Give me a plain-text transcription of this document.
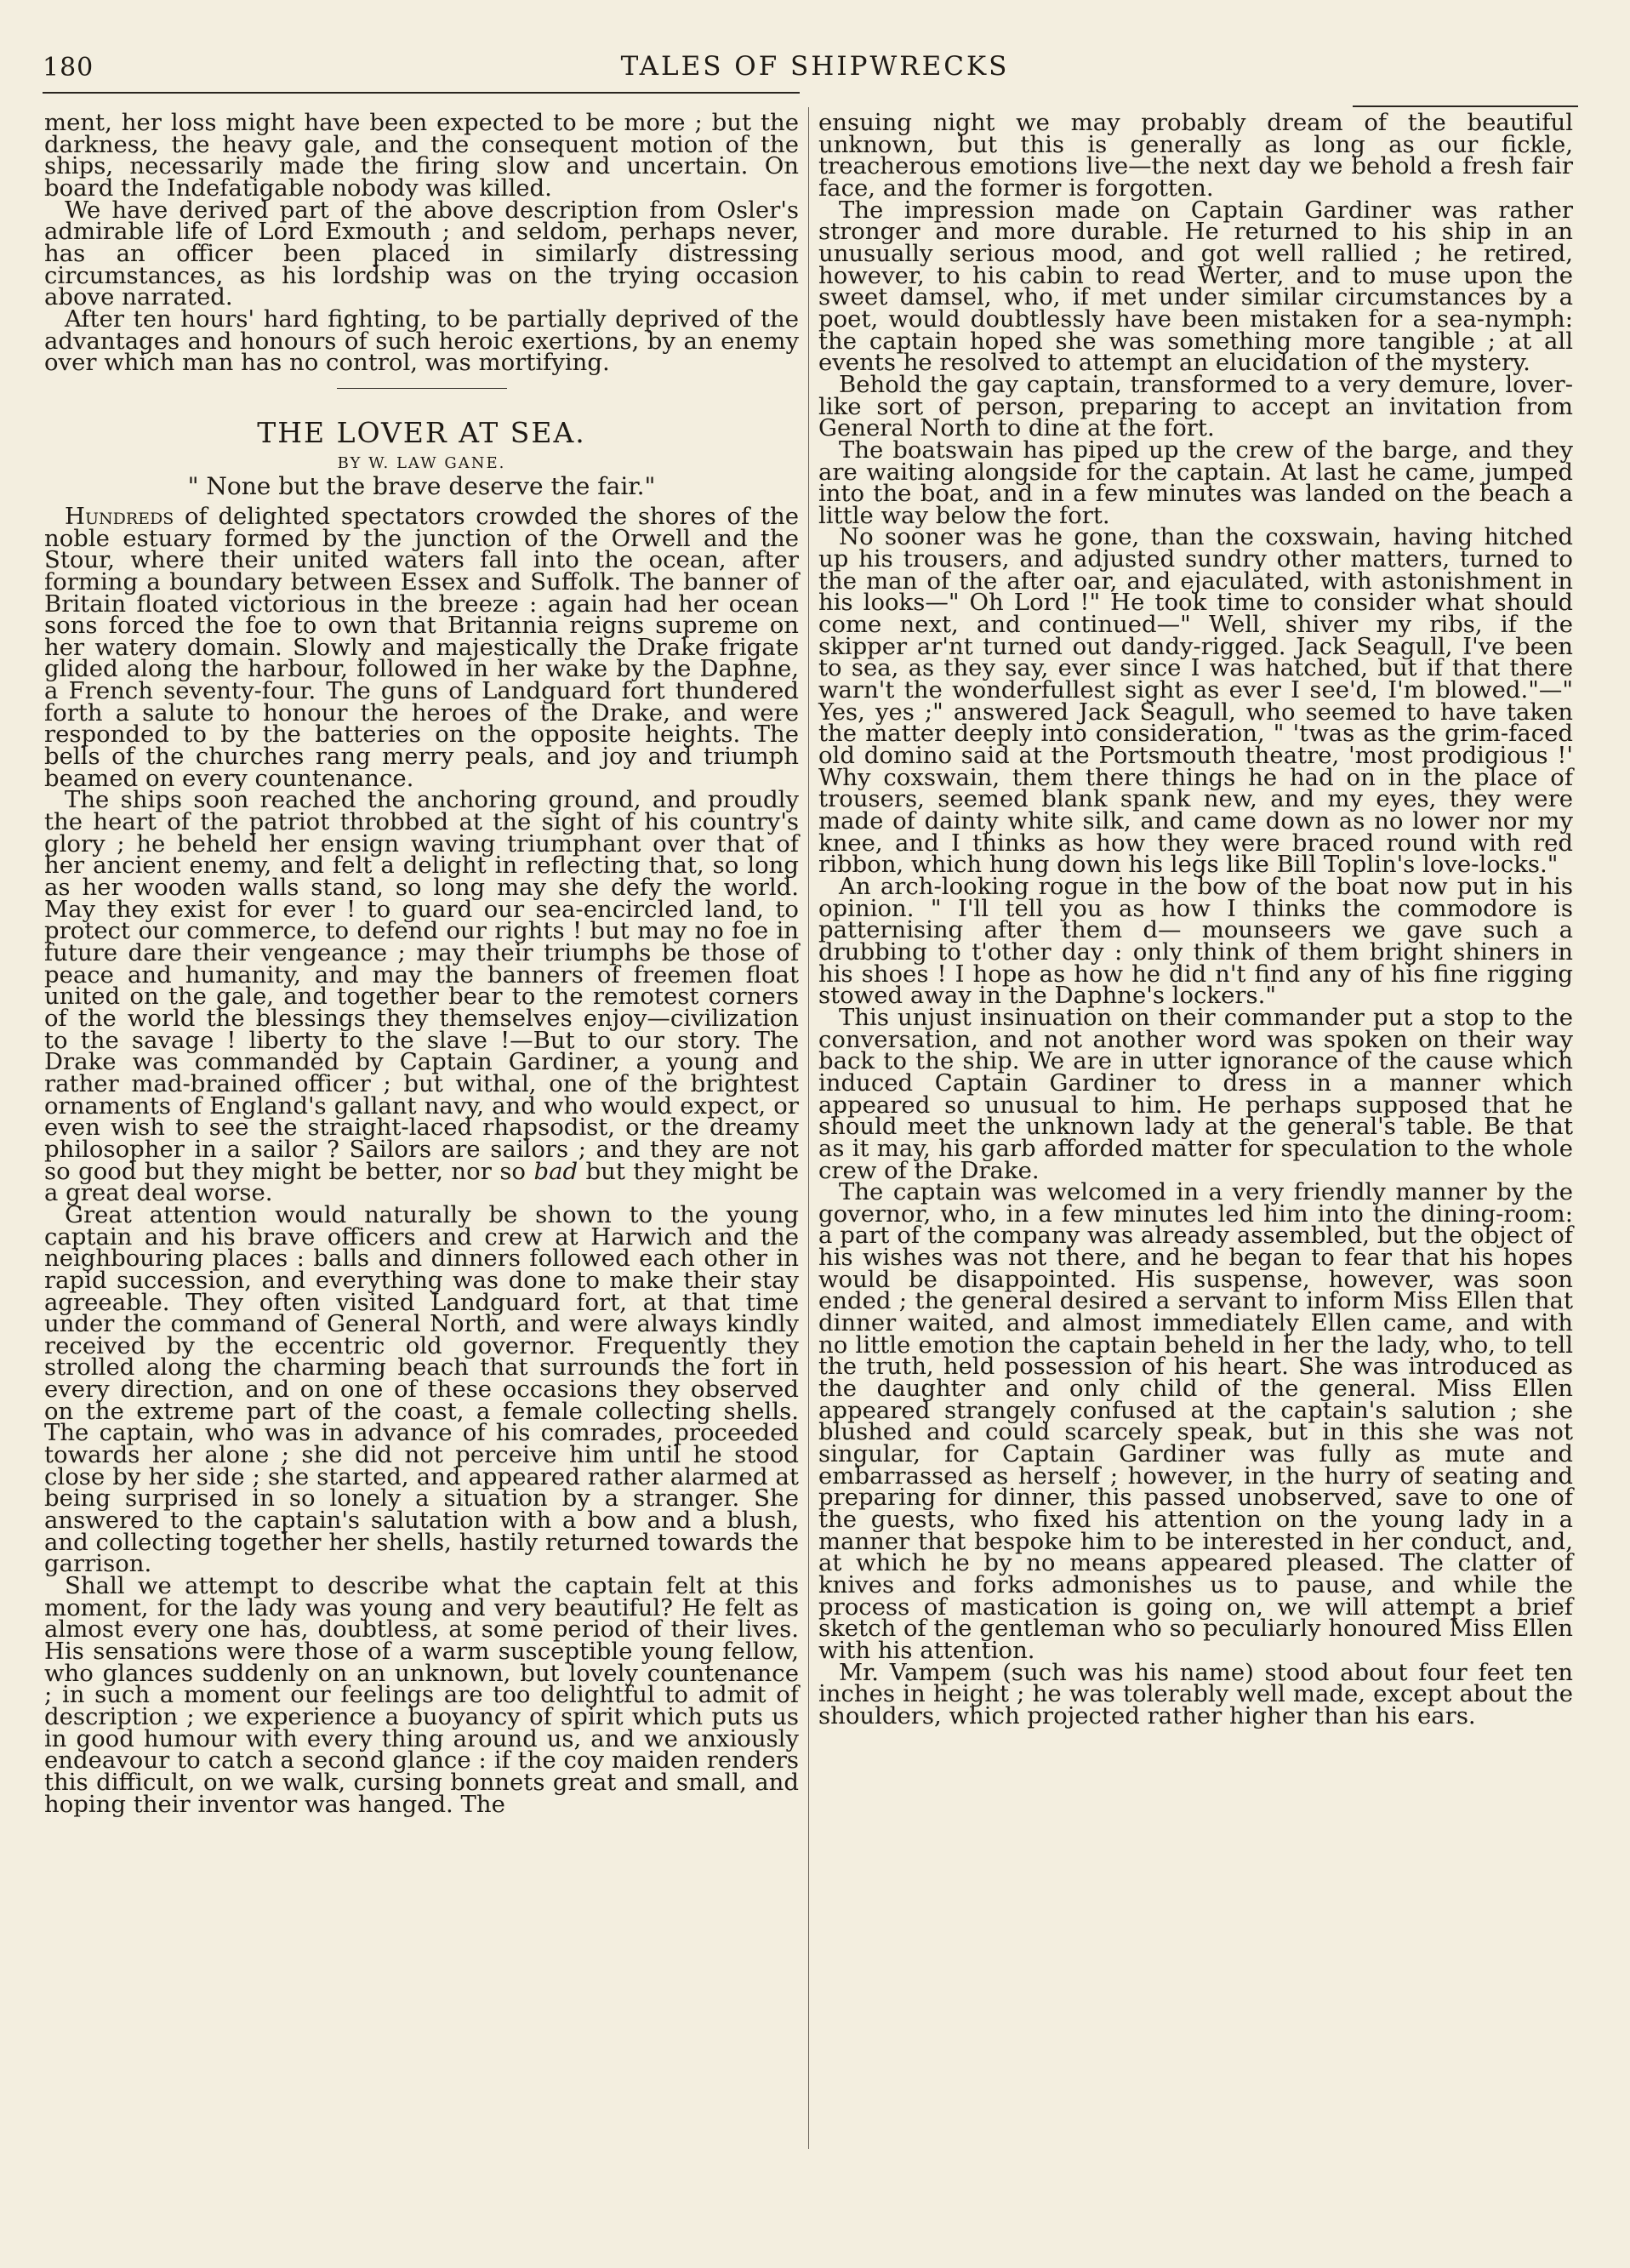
180	TALES OF SHIPWRECKS

ment, her loss might have been expected to be more ; but the darkness, the heavy gale, and the consequent motion of the ships, necessarily made the firing slow and uncertain. On board the Indefatigable nobody was killed.

We have derived part of the above description from Osler's admirable life of Lord Exmouth ; and seldom, perhaps never, has an officer been placed in similarly distressing circumstances, as his lordship was on the trying occasion above narrated.

After ten hours' hard fighting, to be partially deprived of the advantages and honours of such heroic exertions, by an enemy over which man has no control, was mortifying.

THE LOVER AT SEA.
BY W. LAW GANE.
" None but the brave deserve the fair."

Hundreds of delighted spectators crowded the shores of the noble estuary formed by the junction of the Orwell and the Stour, where their united waters fall into the ocean, after forming a boundary between Essex and Suffolk. The banner of Britain floated victorious in the breeze : again had her ocean sons forced the foe to own that Britannia reigns supreme on her watery domain. Slowly and majestically the Drake frigate glided along the harbour, followed in her wake by the Daphne, a French seventy-four. The guns of Landguard fort thundered forth a salute to honour the heroes of the Drake, and were responded to by the batteries on the opposite heights. The bells of the churches rang merry peals, and joy and triumph beamed on every countenance.

The ships soon reached the anchoring ground, and proudly the heart of the patriot throbbed at the sight of his country's glory ; he beheld her ensign waving triumphant over that of her ancient enemy, and felt a delight in reflecting that, so long as her wooden walls stand, so long may she defy the world. May they exist for ever ! to guard our sea-encircled land, to protect our commerce, to defend our rights ! but may no foe in future dare their vengeance ; may their triumphs be those of peace and humanity, and may the banners of freemen float united on the gale, and together bear to the remotest corners of the world the blessings they themselves enjoy—civilization to the savage ! liberty to the slave !—But to our story. The Drake was commanded by Captain Gardiner, a young and rather mad-brained officer ; but withal, one of the brightest ornaments of England's gallant navy, and who would expect, or even wish to see the straight-laced rhapsodist, or the dreamy philosopher in a sailor ? Sailors are sailors ; and they are not so good but they might be better, nor so bad but they might be a great deal worse.

Great attention would naturally be shown to the young captain and his brave officers and crew at Harwich and the neighbouring places : balls and dinners followed each other in rapid succession, and everything was done to make their stay agreeable. They often visited Landguard fort, at that time under the command of General North, and were always kindly received by the eccentric old governor. Frequently they strolled along the charming beach that surrounds the fort in every direction, and on one of these occasions they observed on the extreme part of the coast, a female collecting shells. The captain, who was in advance of his comrades, proceeded towards her alone ; she did not perceive him until he stood close by her side ; she started, and appeared rather alarmed at being surprised in so lonely a situation by a stranger. She answered to the captain's salutation with a bow and a blush, and collecting together her shells, hastily returned towards the garrison.

Shall we attempt to describe what the captain felt at this moment, for the lady was young and very beautiful? He felt as almost every one has, doubtless, at some period of their lives. His sensations were those of a warm susceptible young fellow, who glances suddenly on an unknown, but lovely countenance ; in such a moment our feelings are too delightful to admit of description ; we experience a buoyancy of spirit which puts us in good humour with every thing around us, and we anxiously endeavour to catch a second glance : if the coy maiden renders this difficult, on we walk, cursing bonnets great and small, and hoping their inventor was hanged. The

ensuing night we may probably dream of the beautiful unknown, but this is generally as long as our fickle, treacherous emotions live—the next day we behold a fresh fair face, and the former is forgotten.

The impression made on Captain Gardiner was rather stronger and more durable. He returned to his ship in an unusually serious mood, and got well rallied ; he retired, however, to his cabin to read Werter, and to muse upon the sweet damsel, who, if met under similar circumstances by a poet, would doubtlessly have been mistaken for a sea-nymph: the captain hoped she was something more tangible ; at all events he resolved to attempt an elucidation of the mystery.

Behold the gay captain, transformed to a very demure, lover-like sort of person, preparing to accept an invitation from General North to dine at the fort.

The boatswain has piped up the crew of the barge, and they are waiting alongside for the captain. At last he came, jumped into the boat, and in a few minutes was landed on the beach a little way below the fort.

No sooner was he gone, than the coxswain, having hitched up his trousers, and adjusted sundry other matters, turned to the man of the after oar, and ejaculated, with astonishment in his looks—" Oh Lord !" He took time to consider what should come next, and continued—" Well, shiver my ribs, if the skipper ar'nt turned out dandy-rigged. Jack Seagull, I've been to sea, as they say, ever since I was hatched, but if that there warn't the wonderfullest sight as ever I see'd, I'm blowed."—" Yes, yes ;" answered Jack Seagull, who seemed to have taken the matter deeply into consideration, " 'twas as the grim-faced old domino said at the Portsmouth theatre, 'most prodigious !' Why coxswain, them there things he had on in the place of trousers, seemed blank spank new, and my eyes, they were made of dainty white silk, and came down as no lower nor my knee, and I thinks as how they were braced round with red ribbon, which hung down his legs like Bill Toplin's love-locks."

An arch-looking rogue in the bow of the boat now put in his opinion. " I'll tell you as how I thinks the commodore is patternising after them d— mounseers we gave such a drubbing to t'other day : only think of them bright shiners in his shoes ! I hope as how he did n't find any of his fine rigging stowed away in the Daphne's lockers."

This unjust insinuation on their commander put a stop to the conversation, and not another word was spoken on their way back to the ship. We are in utter ignorance of the cause which induced Captain Gardiner to dress in a manner which appeared so unusual to him. He perhaps supposed that he should meet the unknown lady at the general's table. Be that as it may, his garb afforded matter for speculation to the whole crew of the Drake.

The captain was welcomed in a very friendly manner by the governor, who, in a few minutes led him into the dining-room: a part of the company was already assembled, but the object of his wishes was not there, and he began to fear that his hopes would be disappointed. His suspense, however, was soon ended ; the general desired a servant to inform Miss Ellen that dinner waited, and almost immediately Ellen came, and with no little emotion the captain beheld in her the lady, who, to tell the truth, held possession of his heart. She was introduced as the daughter and only child of the general. Miss Ellen appeared strangely confused at the captain's salution ; she blushed and could scarcely speak, but in this she was not singular, for Captain Gardiner was fully as mute and embarrassed as herself ; however, in the hurry of seating and preparing for dinner, this passed unobserved, save to one of the guests, who fixed his attention on the young lady in a manner that bespoke him to be interested in her conduct, and, at which he by no means appeared pleased. The clatter of knives and forks admonishes us to pause, and while the process of mastication is going on, we will attempt a brief sketch of the gentleman who so peculiarly honoured Miss Ellen with his attention.

Mr. Vampem (such was his name) stood about four feet ten inches in height ; he was tolerably well made, except about the shoulders, which projected rather higher than his ears.
